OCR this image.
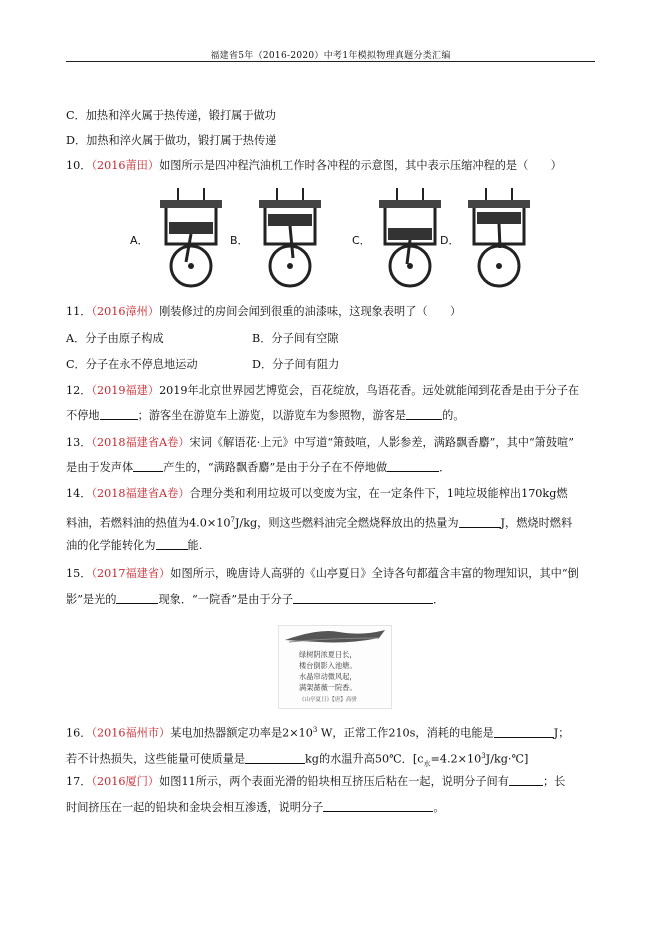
福建省5年（2016-2020）中考1年模拟物理真题分类汇编
C．加热和淬火属于热传递，锻打属于做功
D．加热和淬火属于做功，锻打属于热传递
10．（2016莆田）如图所示是四冲程汽油机工作时各冲程的示意图，其中表示压缩冲程的是（　　）
A．	B．	C．	D．
11．（2016漳州）刚装修过的房间会闻到很重的油漆味，这现象表明了（　　）
A．分子由原子构成	B．分子间有空隙
C．分子在永不停息地运动	D．分子间有阻力
12．（2019福建）2019年北京世界园艺博览会，百花绽放，鸟语花香。远处就能闻到花香是由于分子在
不停地	；游客坐在游览车上游览，以游览车为参照物，游客是	的。
13．（2018福建省A卷）宋词《解语花·上元》中写道“箫鼓喧，人影参差，满路飘香麝”，其中“箫鼓喧”
是由于发声体	产生的，“满路飘香麝”是由于分子在不停地做	．
14．（2018福建省A卷）合理分类和利用垃圾可以变废为宝，在一定条件下，1吨垃圾能榨出170kg燃
料油，若燃料油的热值为$4.0\times 10^7J/kg$，则这些燃料油完全燃烧释放出的热量为	J，燃烧时燃料
油的化学能转化为	能.
15．（2017福建省）如图所示，晚唐诗人高骈的《山亭夏日》全诗各句都蕴含丰富的物理知识，其中“倒
影”是光的	现象．“一院香”是由于分子	．
绿树阴浓夏日长，
楼台倒影入池塘。
水晶帘动微风起，
满架蔷薇一院香。
《山亭夏日》【唐】高骈
16．（2016福州市）某电加热器额定功率是$2\times 10^3$ W，正常工作210s，消耗的电能是	J；
若不计热损失，这些能量可使质量是	kg的水温升高50℃．$[c_水=4.2\times 10^3J/kg\cdot℃]$
17．（2016厦门）如图11所示，两个表面光滑的铅块相互挤压后粘在一起，说明分子间有	；长
时间挤压在一起的铅块和金块会相互渗透，说明分子	。
